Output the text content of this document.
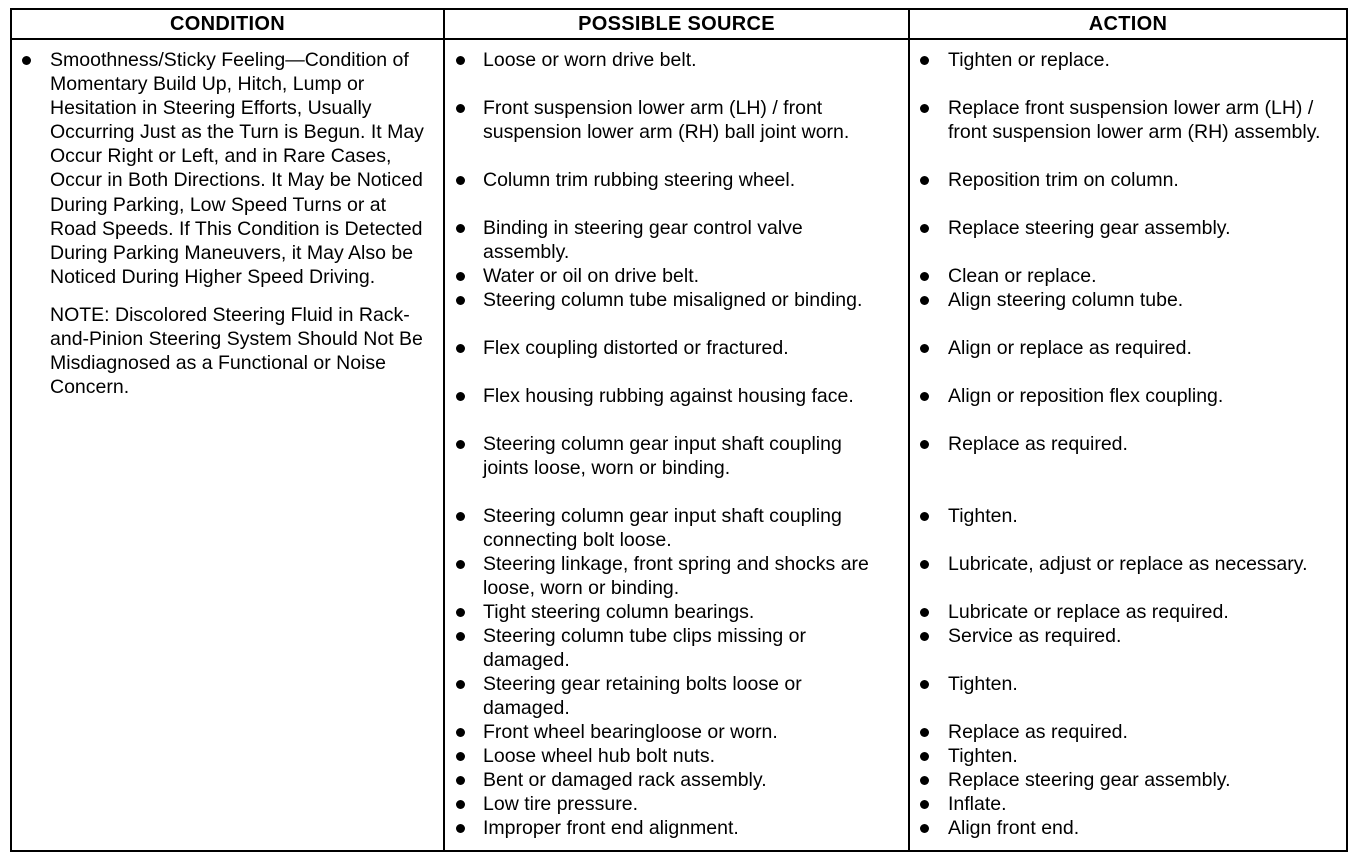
CONDITION	POSSIBLE SOURCE	ACTION
Smoothness/Sticky Feeling—Condition of Momentary Build Up, Hitch, Lump or Hesitation in Steering Efforts, Usually Occurring Just as the Turn is Begun. It May Occur Right or Left, and in Rare Cases, Occur in Both Directions. It May be Noticed During Parking, Low Speed Turns or at Road Speeds. If This Condition is Detected During Parking Maneuvers, it May Also be Noticed During Higher Speed Driving.
NOTE: Discolored Steering Fluid in Rack-and-Pinion Steering System Should Not Be Misdiagnosed as a Functional or Noise Concern.
Loose or worn drive belt.
Front suspension lower arm (LH) / front suspension lower arm (RH) ball joint worn.
Column trim rubbing steering wheel.
Binding in steering gear control valve assembly.
Water or oil on drive belt.
Steering column tube misaligned or binding.
Flex coupling distorted or fractured.
Flex housing rubbing against housing face.
Steering column gear input shaft coupling joints loose, worn or binding.
Steering column gear input shaft coupling connecting bolt loose.
Steering linkage, front spring and shocks are loose, worn or binding.
Tight steering column bearings.
Steering column tube clips missing or damaged.
Steering gear retaining bolts loose or damaged.
Front wheel bearingloose or worn.
Loose wheel hub bolt nuts.
Bent or damaged rack assembly.
Low tire pressure.
Improper front end alignment.
Tighten or replace.
Replace front suspension lower arm (LH) / front suspension lower arm (RH) assembly.
Reposition trim on column.
Replace steering gear assembly.
Clean or replace.
Align steering column tube.
Align or replace as required.
Align or reposition flex coupling.
Replace as required.
Tighten.
Lubricate, adjust or replace as necessary.
Lubricate or replace as required.
Service as required.
Tighten.
Replace as required.
Tighten.
Replace steering gear assembly.
Inflate.
Align front end.
